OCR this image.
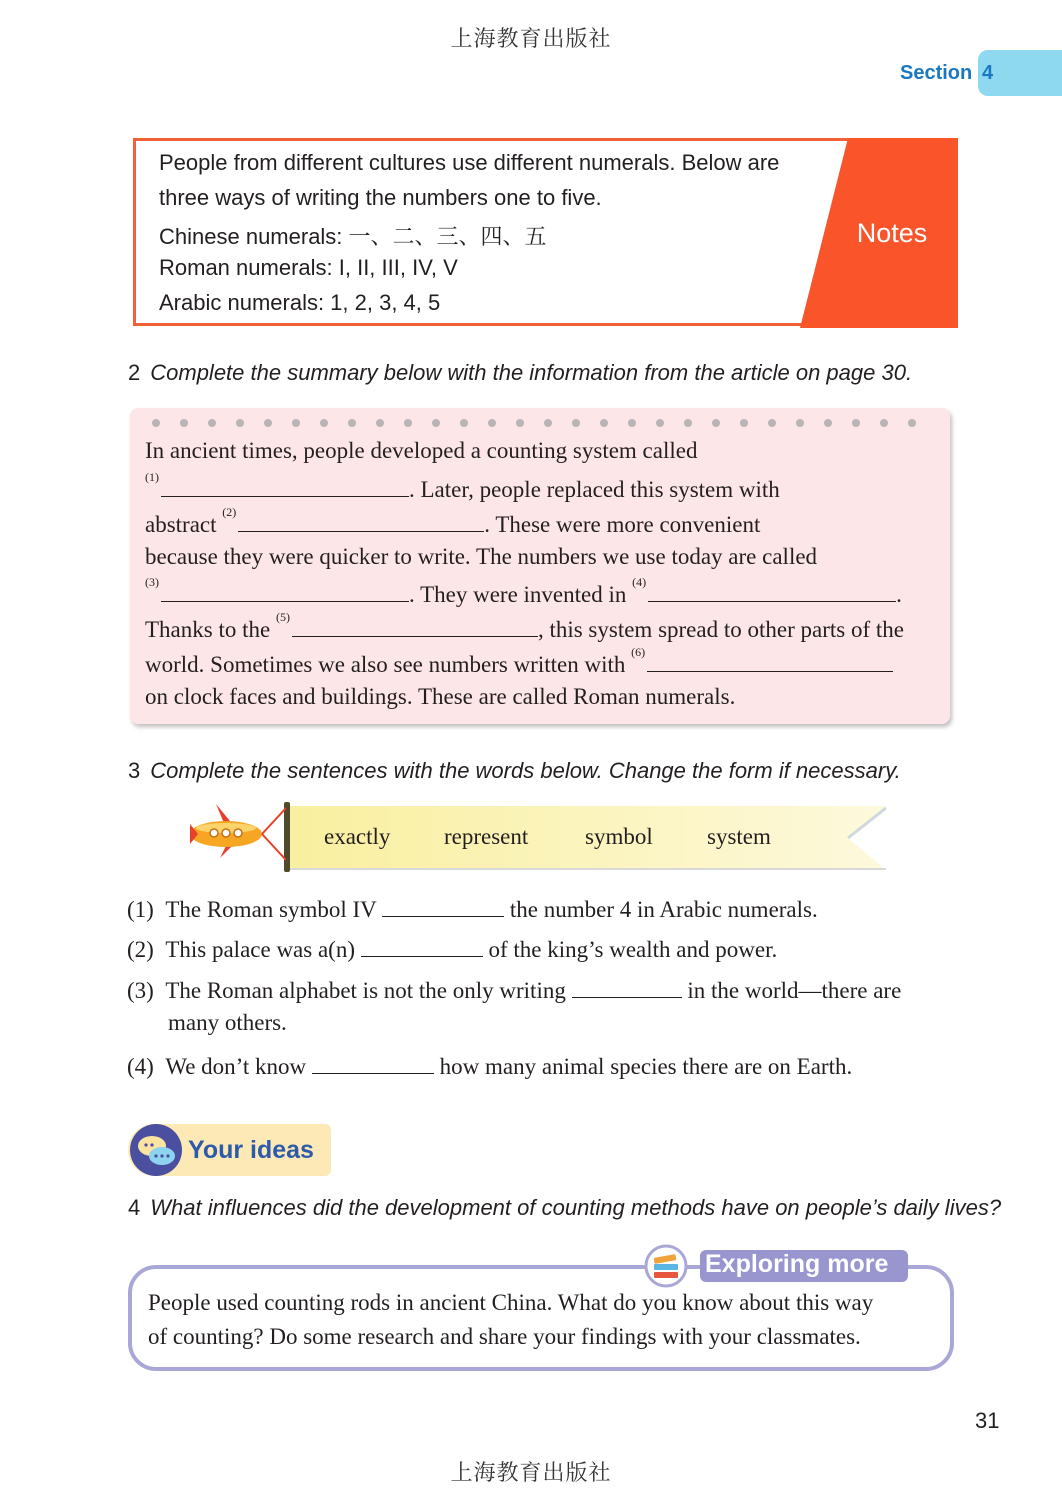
上海教育出版社
Section 4
Notes
People from different cultures use different numerals. Below are
three ways of writing the numbers one to five.
Chinese numerals: 一、二、三、四、五
Roman numerals: I, II, III, IV, V
Arabic numerals: 1, 2, 3, 4, 5
2 Complete the summary below with the information from the article on page 30.
In ancient times, people developed a counting system called
$^{(1)}$	. Later, people replaced this system with
abstract $^{(2)}$	. These were more convenient
because they were quicker to write. The numbers we use today are called
$^{(3)}$	. They were invented in $^{(4)}$	.
Thanks to the $^{(5)}$	, this system spread to other parts of the
world. Sometimes we also see numbers written with $^{(6)}$
on clock faces and buildings. These are called Roman numerals.
3 Complete the sentences with the words below. Change the form if necessary.
exactly represent symbol system
(1) The Roman symbol IV	the number 4 in Arabic numerals.
(2) This palace was a(n)	of the king’s wealth and power.
(3) The Roman alphabet is not the only writing	in the world—there are
many others.
(4) We don’t know	how many animal species there are on Earth.
Your ideas
4 What influences did the development of counting methods have on people’s daily lives?
Exploring more
People used counting rods in ancient China. What do you know about this way
of counting? Do some research and share your findings with your classmates.
31
上海教育出版社
